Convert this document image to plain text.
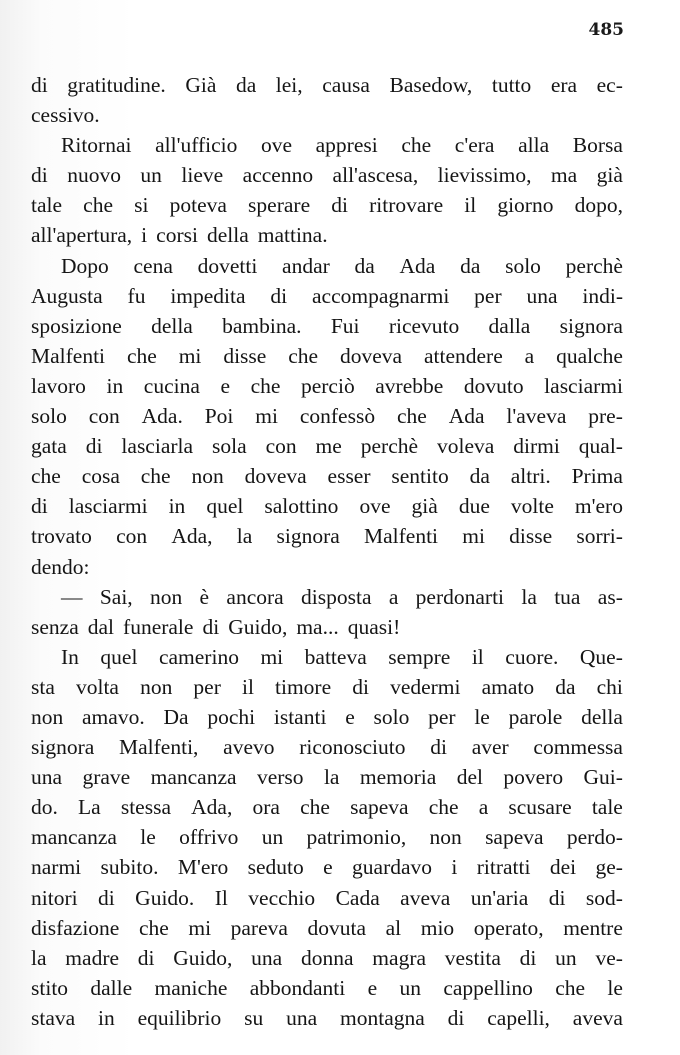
485
di gratitudine. Già da lei, causa Basedow, tutto era ec-
cessivo.
Ritornai all'ufficio ove appresi che c'era alla Borsa
di nuovo un lieve accenno all'ascesa, lievissimo, ma già
tale che si poteva sperare di ritrovare il giorno dopo,
all'apertura, i corsi della mattina.
Dopo cena dovetti andar da Ada da solo perchè
Augusta fu impedita di accompagnarmi per una indi-
sposizione della bambina. Fui ricevuto dalla signora
Malfenti che mi disse che doveva attendere a qualche
lavoro in cucina e che perciò avrebbe dovuto lasciarmi
solo con Ada. Poi mi confessò che Ada l'aveva pre-
gata di lasciarla sola con me perchè voleva dirmi qual-
che cosa che non doveva esser sentito da altri. Prima
di lasciarmi in quel salottino ove già due volte m'ero
trovato con Ada, la signora Malfenti mi disse sorri-
dendo:
— Sai, non è ancora disposta a perdonarti la tua as-
senza dal funerale di Guido, ma... quasi!
In quel camerino mi batteva sempre il cuore. Que-
sta volta non per il timore di vedermi amato da chi
non amavo. Da pochi istanti e solo per le parole della
signora Malfenti, avevo riconosciuto di aver commessa
una grave mancanza verso la memoria del povero Gui-
do. La stessa Ada, ora che sapeva che a scusare tale
mancanza le offrivo un patrimonio, non sapeva perdo-
narmi subito. M'ero seduto e guardavo i ritratti dei ge-
nitori di Guido. Il vecchio Cada aveva un'aria di sod-
disfazione che mi pareva dovuta al mio operato, mentre
la madre di Guido, una donna magra vestita di un ve-
stito dalle maniche abbondanti e un cappellino che le
stava in equilibrio su una montagna di capelli, aveva
